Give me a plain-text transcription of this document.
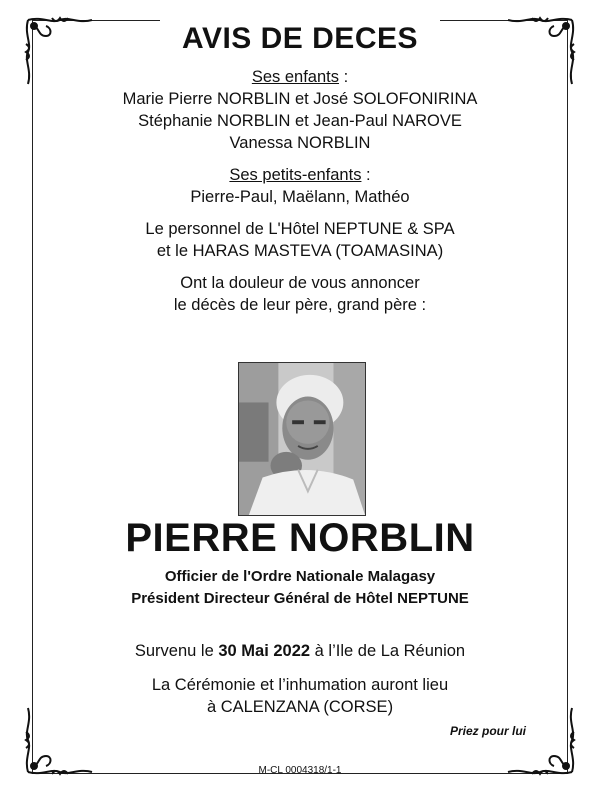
AVIS DE DECES
Ses enfants :
Marie Pierre NORBLIN et José SOLOFONIRINA
Stéphanie NORBLIN et Jean-Paul NAROVE
Vanessa NORBLIN
Ses petits-enfants :
Pierre-Paul, Maëlann, Mathéo
Le personnel de L'Hôtel NEPTUNE & SPA
et le HARAS MASTEVA (TOAMASINA)
Ont la douleur de vous annoncer
le décès de leur père, grand père :
PIERRE NORBLIN
Officier de l'Ordre Nationale Malagasy
Président Directeur Général de Hôtel NEPTUNE
Survenu le 30 Mai 2022 à l’Ile de La Réunion
La Cérémonie et l’inhumation auront lieu
à CALENZANA (CORSE)
Priez pour lui
M-CL 0004318/1-1
